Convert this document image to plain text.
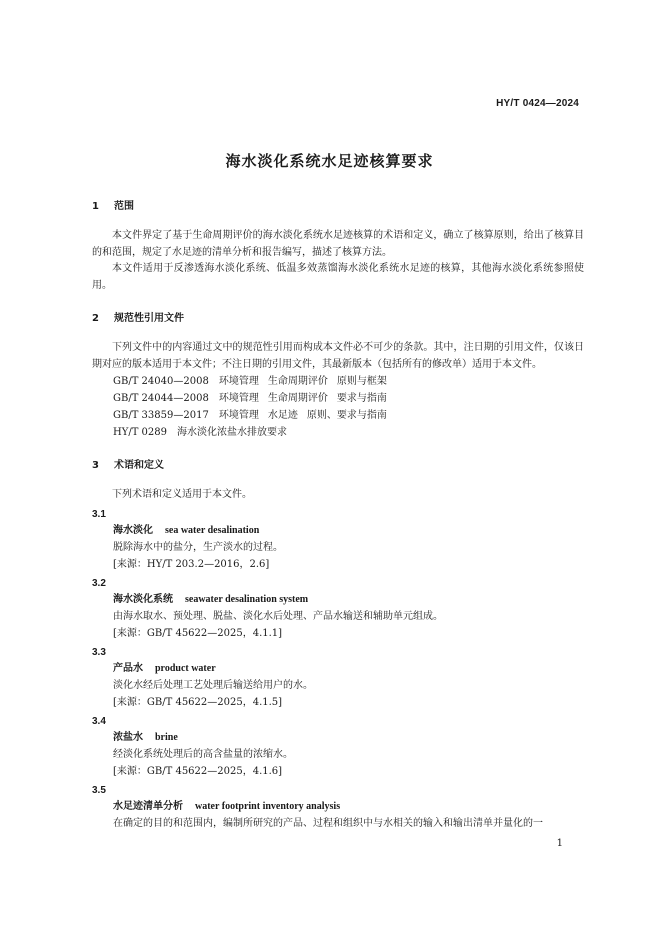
HY/T 0424—2024
海水淡化系统水足迹核算要求
1 范围

本文件界定了基于生命周期评价的海水淡化系统水足迹核算的术语和定义，确立了核算原则，给出了核算目的和范围，规定了水足迹的清单分析和报告编写，描述了核算方法。

本文件适用于反渗透海水淡化系统、低温多效蒸馏海水淡化系统水足迹的核算，其他海水淡化系统参照使用。

2 规范性引用文件

下列文件中的内容通过文中的规范性引用而构成本文件必不可少的条款。其中，注日期的引用文件，仅该日期对应的版本适用于本文件；不注日期的引用文件，其最新版本（包括所有的修改单）适用于本文件。

GB/T 24040—2008 环境管理 生命周期评价 原则与框架
GB/T 24044—2008 环境管理 生命周期评价 要求与指南
GB/T 33859—2017 环境管理 水足迹 原则、要求与指南
HY/T 0289 海水淡化浓盐水排放要求
3 术语和定义

下列术语和定义适用于本文件。

3.1
海水淡化 sea water desalination
脱除海水中的盐分，生产淡水的过程。
[来源：HY/T 203.2—2016，2.6]
3.2
海水淡化系统 seawater desalination system
由海水取水、预处理、脱盐、淡化水后处理、产品水输送和辅助单元组成。
[来源：GB/T 45622—2025，4.1.1]
3.3
产品水 product water
淡化水经后处理工艺处理后输送给用户的水。
[来源：GB/T 45622—2025，4.1.5]
3.4
浓盐水 brine
经淡化系统处理后的高含盐量的浓缩水。
[来源：GB/T 45622—2025，4.1.6]
3.5
水足迹清单分析 water footprint inventory analysis
在确定的目的和范围内，编制所研究的产品、过程和组织中与水相关的输入和输出清单并量化的一
1
